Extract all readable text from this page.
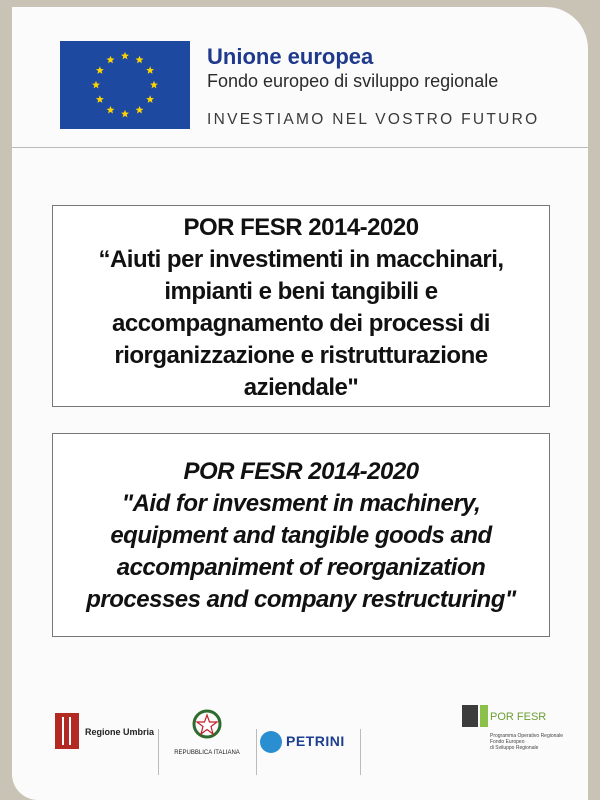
Unione europea
Fondo europeo di sviluppo regionale
INVESTIAMO NEL VOSTRO FUTURO
POR FESR 2014-2020
“Aiuti per investimenti in macchinari,
impianti e beni tangibili e
accompagnamento dei processi di
riorganizzazione e ristrutturazione
aziendale"
POR FESR 2014-2020
"Aid for invesment in machinery,
equipment and tangible goods and
accompaniment of reorganization
processes and company restructuring"
Regione Umbria
REPUBBLICA ITALIANA
PETRINI
POR FESR
Programma Operativo Regionale
Fondo Europeo
di Sviluppo Regionale
